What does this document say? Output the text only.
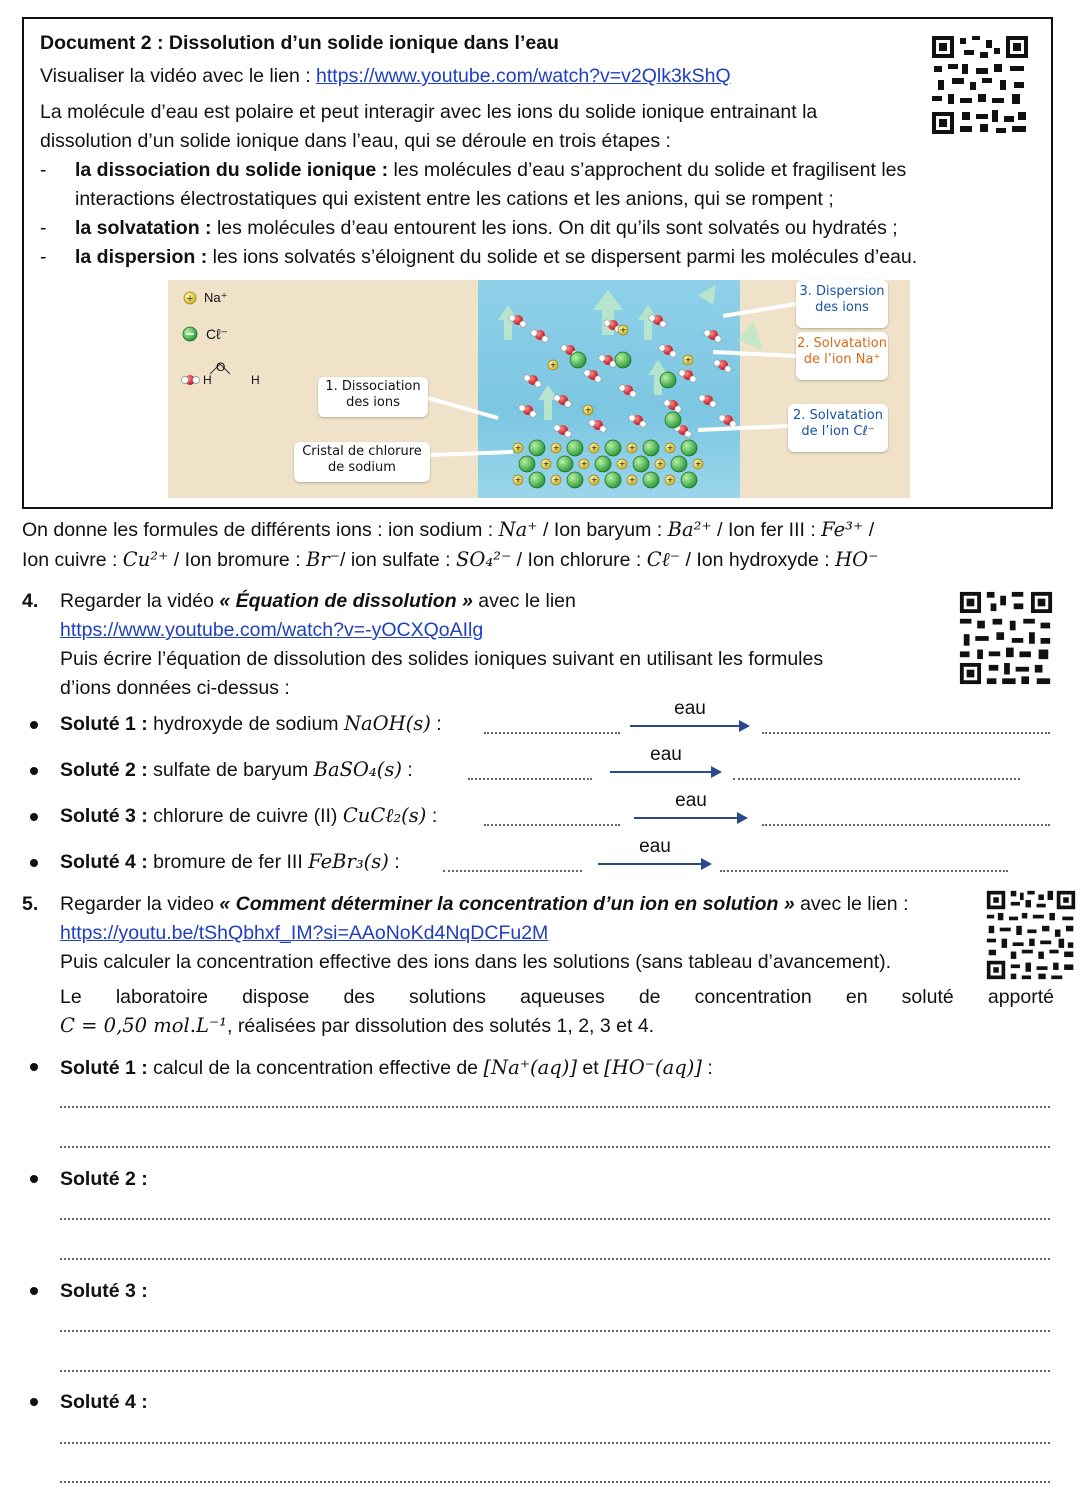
Document 2 : Dissolution d’un solide ionique dans l’eau
Visualiser la vidéo avec le lien : https://www.youtube.com/watch?v=v2Qlk3kShQ
La molécule d’eau est polaire et peut interagir avec les ions du solide ionique entrainant la
dissolution d’un solide ionique dans l’eau, qui se déroule en trois étapes :
- la dissociation du solide ionique : les molécules d’eau s’approchent du solide et fragilisent les
interactions électrostatiques qui existent entre les cations et les anions, qui se rompent ;
- la solvatation : les molécules d’eau entourent les ions. On dit qu’ils sont solvatés ou hydratés ;
- la dispersion : les ions solvatés s’éloignent du solide et se dispersent parmi les molécules d’eau.
+	+	+	+	+
+	+	+	+	+
+	+	+	+	+
+
+
+
+
+ Na⁺
Cℓ⁻
O
H	H	1. Dissociation
des ions
Cristal de chlorure
de sodium
3. Dispersion
des ions
2. Solvatation
de l’ion Na⁺
2. Solvatation
de l’ion Cℓ⁻
On donne les formules de différents ions : ion sodium : Na⁺ / Ion baryum : Ba²⁺ / Ion fer III : Fe³⁺ /
Ion cuivre : Cu²⁺ / Ion bromure : Br⁻/ ion sulfate : SO₄²⁻ / Ion chlorure : Cℓ⁻ / Ion hydroxyde : HO⁻
4. Regarder la vidéo « Équation de dissolution » avec le lien
https://www.youtube.com/watch?v=-yOCXQoAIlg
Puis écrire l’équation de dissolution des solides ioniques suivant en utilisant les formules
d’ions données ci-dessus :
Soluté 1 : hydroxyde de sodium NaOH(s) :
eau
Soluté 2 : sulfate de baryum BaSO₄(s) :
eau
Soluté 3 : chlorure de cuivre (II) CuCℓ₂(s) :
eau
Soluté 4 : bromure de fer III FeBr₃(s) :
eau
5. Regarder la video « Comment déterminer la concentration d’un ion en solution » avec le lien :
https://youtu.be/tShQbhxf_IM?si=AAoNoKd4NqDCFu2M
Puis calculer la concentration effective des ions dans les solutions (sans tableau d’avancement).
Le laboratoire dispose des solutions aqueuses de concentration en soluté apporté
C = 0,50 mol.L⁻¹, réalisées par dissolution des solutés 1, 2, 3 et 4.
Soluté 1 : calcul de la concentration effective de [Na⁺(aq)] et [HO⁻(aq)] :
Soluté 2 :
Soluté 3 :
Soluté 4 :
